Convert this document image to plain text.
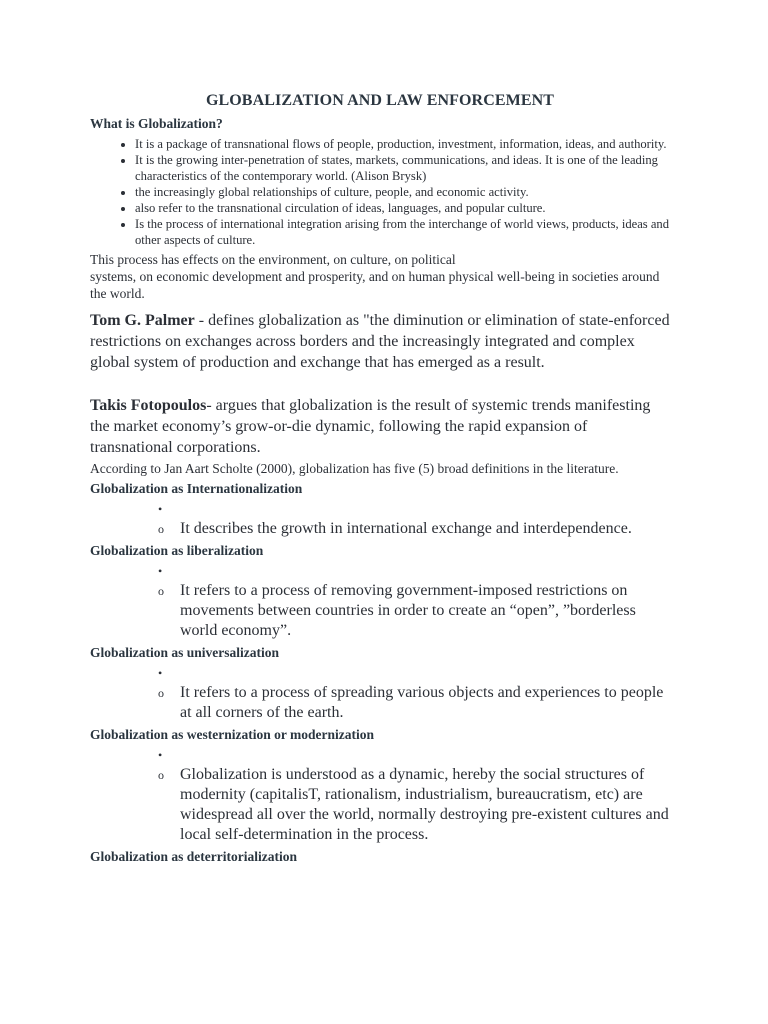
GLOBALIZATION AND LAW ENFORCEMENT
What is Globalization?
• It is a package of transnational flows of people, production, investment, information, ideas, and authority.
• It is the growing inter-penetration of states, markets, communications, and ideas. It is one of the leading characteristics of the contemporary world. (Alison Brysk)
• the increasingly global relationships of culture, people, and economic activity.
• also refer to the transnational circulation of ideas, languages, and popular culture.
• Is the process of international integration arising from the interchange of world views, products, ideas and other aspects of culture.
This process has effects on the environment, on culture, on political
systems, on economic development and prosperity, and on human physical well-being in societies around the world.

Tom G. Palmer - defines globalization as "the diminution or elimination of state-enforced restrictions on exchanges across borders and the increasingly integrated and complex global system of production and exchange that has emerged as a result.

Takis Fotopoulos- argues that globalization is the result of systemic trends manifesting the market economy’s grow-or-die dynamic, following the rapid expansion of transnational corporations.

According to Jan Aart Scholte (2000), globalization has five (5) broad definitions in the literature.
Globalization as Internationalization
•
o	It describes the growth in international exchange and interdependence.
Globalization as liberalization
•
o	It refers to a process of removing government-imposed restrictions on movements between countries in order to create an “open”, ”borderless world economy”.
Globalization as universalization
•
o	It refers to a process of spreading various objects and experiences to people at all corners of the earth.
Globalization as westernization or modernization
•
o	Globalization is understood as a dynamic, hereby the social structures of modernity (capitalisT, rationalism, industrialism, bureaucratism, etc) are widespread all over the world, normally destroying pre-existent cultures and local self-determination in the process.
Globalization as deterritorialization
